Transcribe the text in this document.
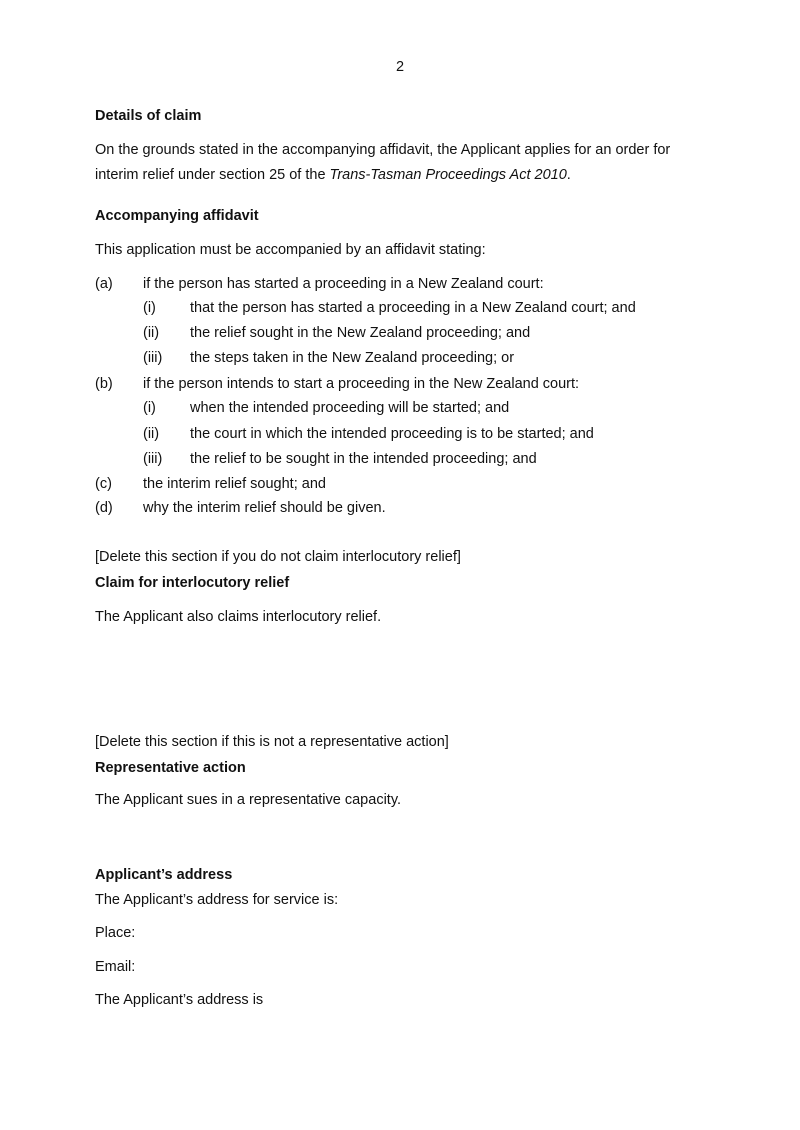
2
Details of claim
On the grounds stated in the accompanying affidavit, the Applicant applies for an order for
interim relief under section 25 of the Trans-Tasman Proceedings Act 2010.
Accompanying affidavit
This application must be accompanied by an affidavit stating:
(a) if the person has started a proceeding in a New Zealand court:
(i) that the person has started a proceeding in a New Zealand court; and
(ii) the relief sought in the New Zealand proceeding; and
(iii) the steps taken in the New Zealand proceeding; or
(b) if the person intends to start a proceeding in the New Zealand court:
(i) when the intended proceeding will be started; and
(ii) the court in which the intended proceeding is to be started; and
(iii) the relief to be sought in the intended proceeding; and
(c) the interim relief sought; and
(d) why the interim relief should be given.
[Delete this section if you do not claim interlocutory relief]
Claim for interlocutory relief
The Applicant also claims interlocutory relief.
[Delete this section if this is not a representative action]
Representative action
The Applicant sues in a representative capacity.
Applicant’s address
The Applicant’s address for service is:
Place:
Email:
The Applicant’s address is
